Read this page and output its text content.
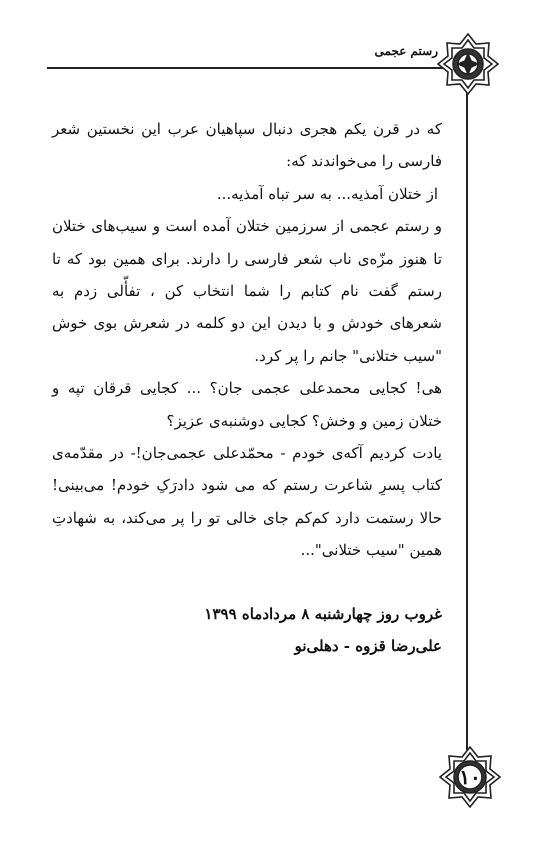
رستم عجمی
۱۰

که در قرن یکم هجری دنبال سپاهیان عرب این نخستین شعر فارسی را می‌خواندند که:

از ختلان آمذیه... به سر تباه آمذیه...

و رستم عجمی از سرزمین ختلان آمده است و سیب‌های ختلان تا هنوز مزّه‌ی ناب شعر فارسی را دارند. برای همین بود که تا رستم گفت نام کتابم را شما انتخاب کن ، تفأّلی زدم به شعرهای خودش و با دیدن این دو کلمه در شعرش بوی خوش "سیب ختلانی" جانم را پر کرد.

هی! کجایی محمدعلی عجمی جان؟ ... کجایی قرقان تپه و ختلان زمین و وخش؟ کجایی دوشنبه‌ی عزیز؟

یادت کردیم آکه‌ی خودم - محمّدعلی عجمی‌جان!- در مقدّمه‌ی کتاب پسرِ شاعرت رستم که می شود دادرَکِ خودم! می‌بینی! حالا رستمت دارد کم‌کم جای خالی تو را پر می‌کند، به شهادتِ همین "سیب ختلانی"...

غروب روز چهارشنبه ۸ مردادماه ۱۳۹۹

علی‌رضا قزوه - دهلی‌نو
